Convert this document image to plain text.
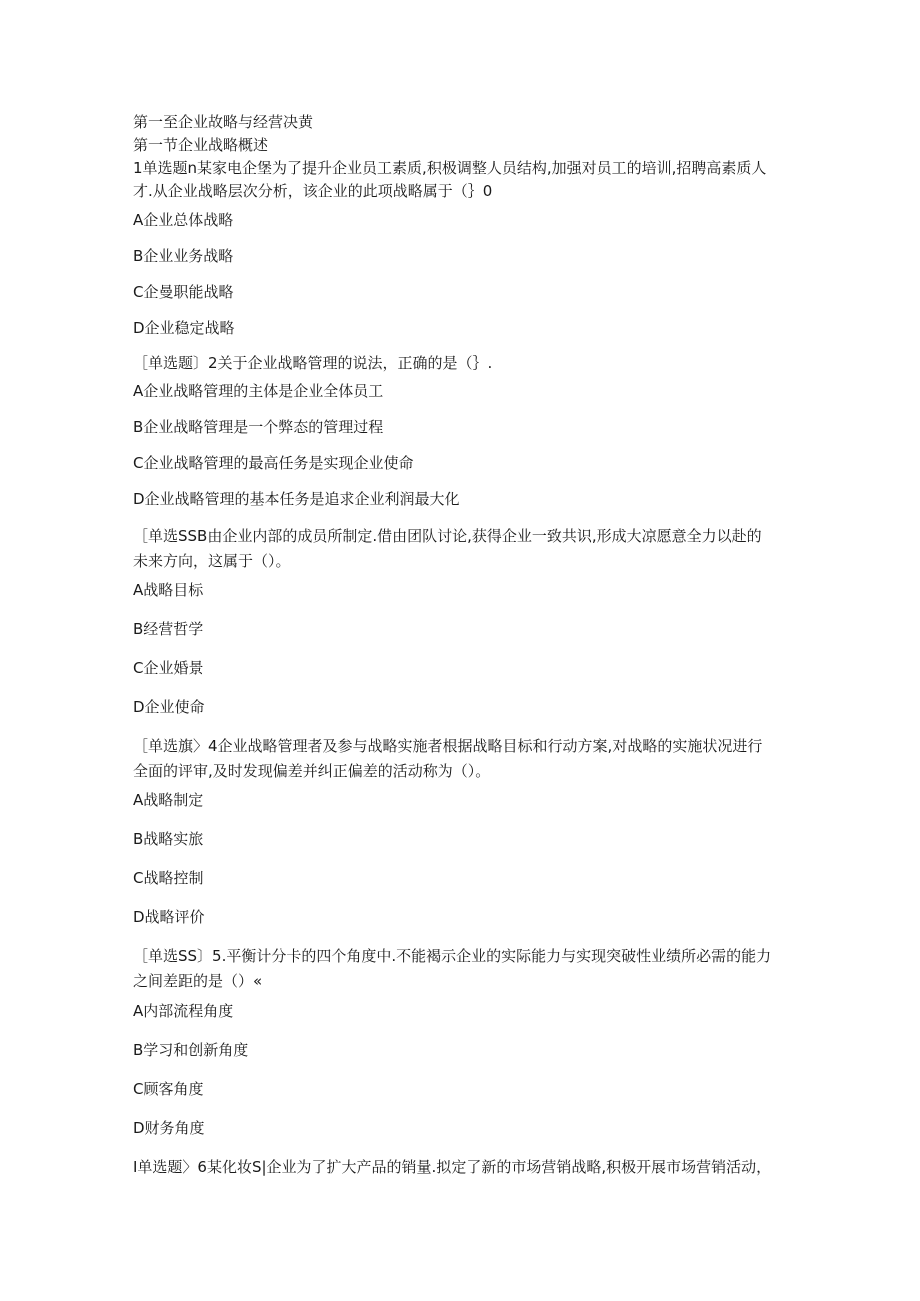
第一至企业故略与经营决黄
第一节企业战略概述
1单选题n某家电企堡为了提升企业员工素质,积极调整人员结构,加强对员工的培训,招聘高素质人
才.从企业战略层次分析，该企业的此项战略属于（｝0
A企业总体战略
B企业业务战略
C企曼职能战略
D企业稳定战略
［单选题〕2关于企业战略管理的说法，正确的是（｝.
A企业战略管理的主体是企业全体员工
B企业战略管理是一个弊态的管理过程
C企业战略管理的最高任务是实现企业使命
D企业战略管理的基本任务是追求企业利润最大化
［单选SSB由企业内部的成员所制定.借由团队讨论,获得企业一致共识,形成大凉愿意全力以赴的
未来方向，这属于（）。
A战略目标
B经营哲学
C企业婚景
D企业使命
［单选旗〉4企业战略管理者及参与战略实施者根据战略目标和行动方案,对战略的实施状况进行
全面的评审,及时发现偏差并纠正偏差的活动称为（）。
A战略制定
B战略实旅
C战略控制
D战略评价
［单选SS〕5.平衡计分卡的四个角度中.不能褐示企业的实际能力与实现突破性业绩所必需的能力
之间差距的是（）«
A内部流程角度
B学习和创新角度
C顾客角度
D财务角度
I单选题〉6某化妆S|企业为了扩大产品的销量.拟定了新的市场营销战略,积极开展市场营销活动，
